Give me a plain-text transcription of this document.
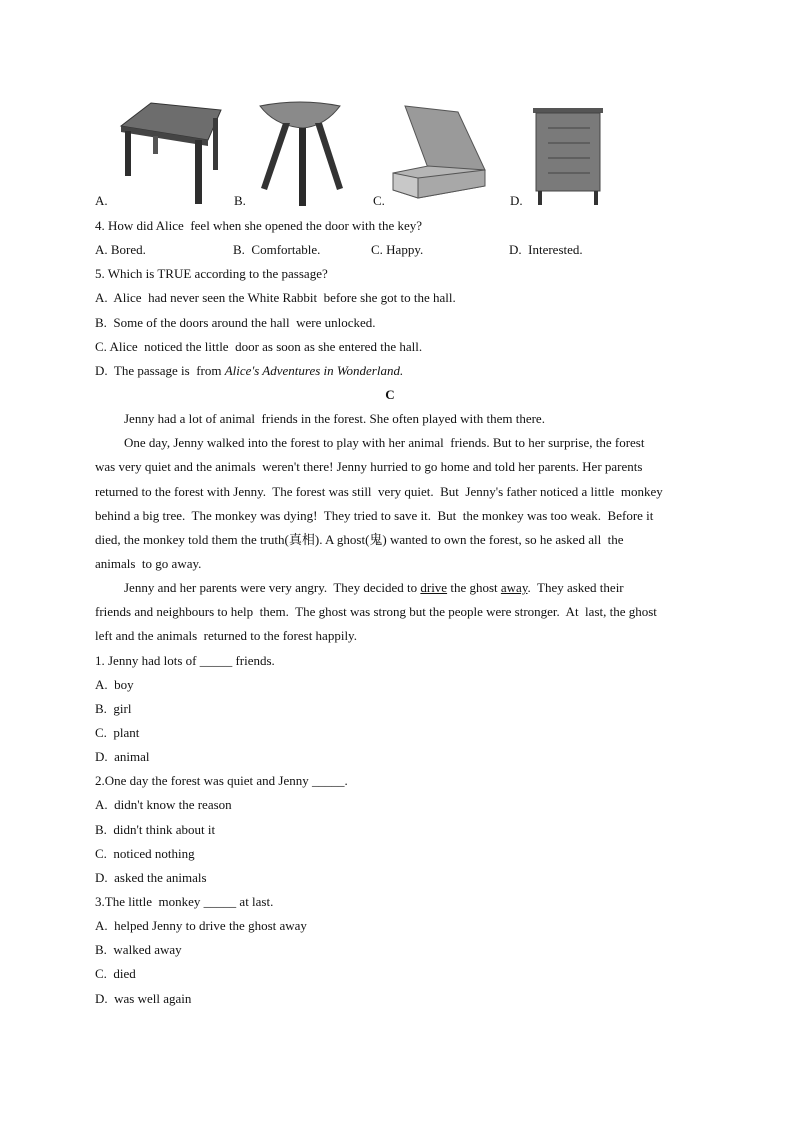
A.	B.	C.	D.
4. How did Alice  feel when she opened the door with the key?
A. Bored.	B.  Comfortable.	C. Happy.	D.  Interested.
5. Which is TRUE according to the passage?
A.  Alice  had never seen the White Rabbit  before she got to the hall.
B.  Some of the doors around the hall  were unlocked.
C. Alice  noticed the little  door as soon as she entered the hall.
D.  The passage is  from Alice's Adventures in Wonderland.
C
Jenny had a lot of animal  friends in the forest. She often played with them there.
One day, Jenny walked into the forest to play with her animal  friends. But to her surprise, the forest
was very quiet and the animals  weren't there! Jenny hurried to go home and told her parents. Her parents
returned to the forest with Jenny.  The forest was still  very quiet.  But  Jenny's father noticed a little  monkey
behind a big tree.  The monkey was dying!  They tried to save it.  But  the monkey was too weak.  Before it
died, the monkey told them the truth(真相). A ghost(鬼) wanted to own the forest, so he asked all  the
animals  to go away.
Jenny and her parents were very angry.  They decided to drive the ghost away.  They asked their
friends and neighbours to help  them.  The ghost was strong but the people were stronger.  At  last, the ghost
left and the animals  returned to the forest happily.
1. Jenny had lots of _____ friends.
A.  boy
B.  girl
C.  plant
D.  animal
2.One day the forest was quiet and Jenny _____.
A.  didn't know the reason
B.  didn't think about it
C.  noticed nothing
D.  asked the animals
3.The little  monkey _____ at last.
A.  helped Jenny to drive the ghost away
B.  walked away
C.  died
D.  was well again
